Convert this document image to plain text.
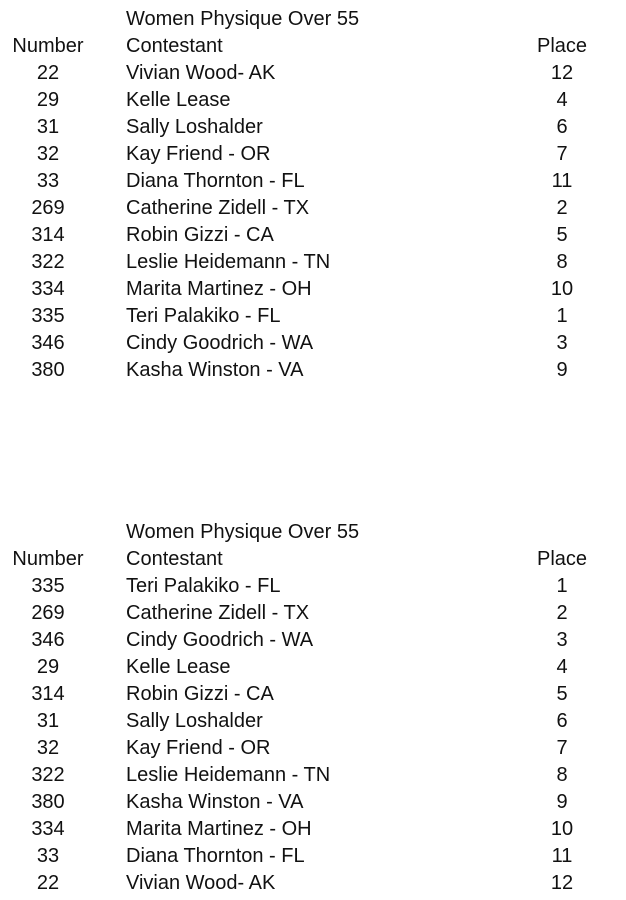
Women Physique Over 55
Number	Contestant	Place
22	Vivian Wood- AK	12
29	Kelle Lease	4
31	Sally Loshalder	6
32	Kay Friend - OR	7
33	Diana Thornton - FL	11
269	Catherine Zidell - TX	2
314	Robin Gizzi - CA	5
322	Leslie Heidemann - TN	8
334	Marita Martinez - OH	10
335	Teri Palakiko - FL	1
346	Cindy Goodrich - WA	3
380	Kasha Winston - VA	9
Women Physique Over 55
Number	Contestant	Place
335	Teri Palakiko - FL	1
269	Catherine Zidell - TX	2
346	Cindy Goodrich - WA	3
29	Kelle Lease	4
314	Robin Gizzi - CA	5
31	Sally Loshalder	6
32	Kay Friend - OR	7
322	Leslie Heidemann - TN	8
380	Kasha Winston - VA	9
334	Marita Martinez - OH	10
33	Diana Thornton - FL	11
22	Vivian Wood- AK	12
